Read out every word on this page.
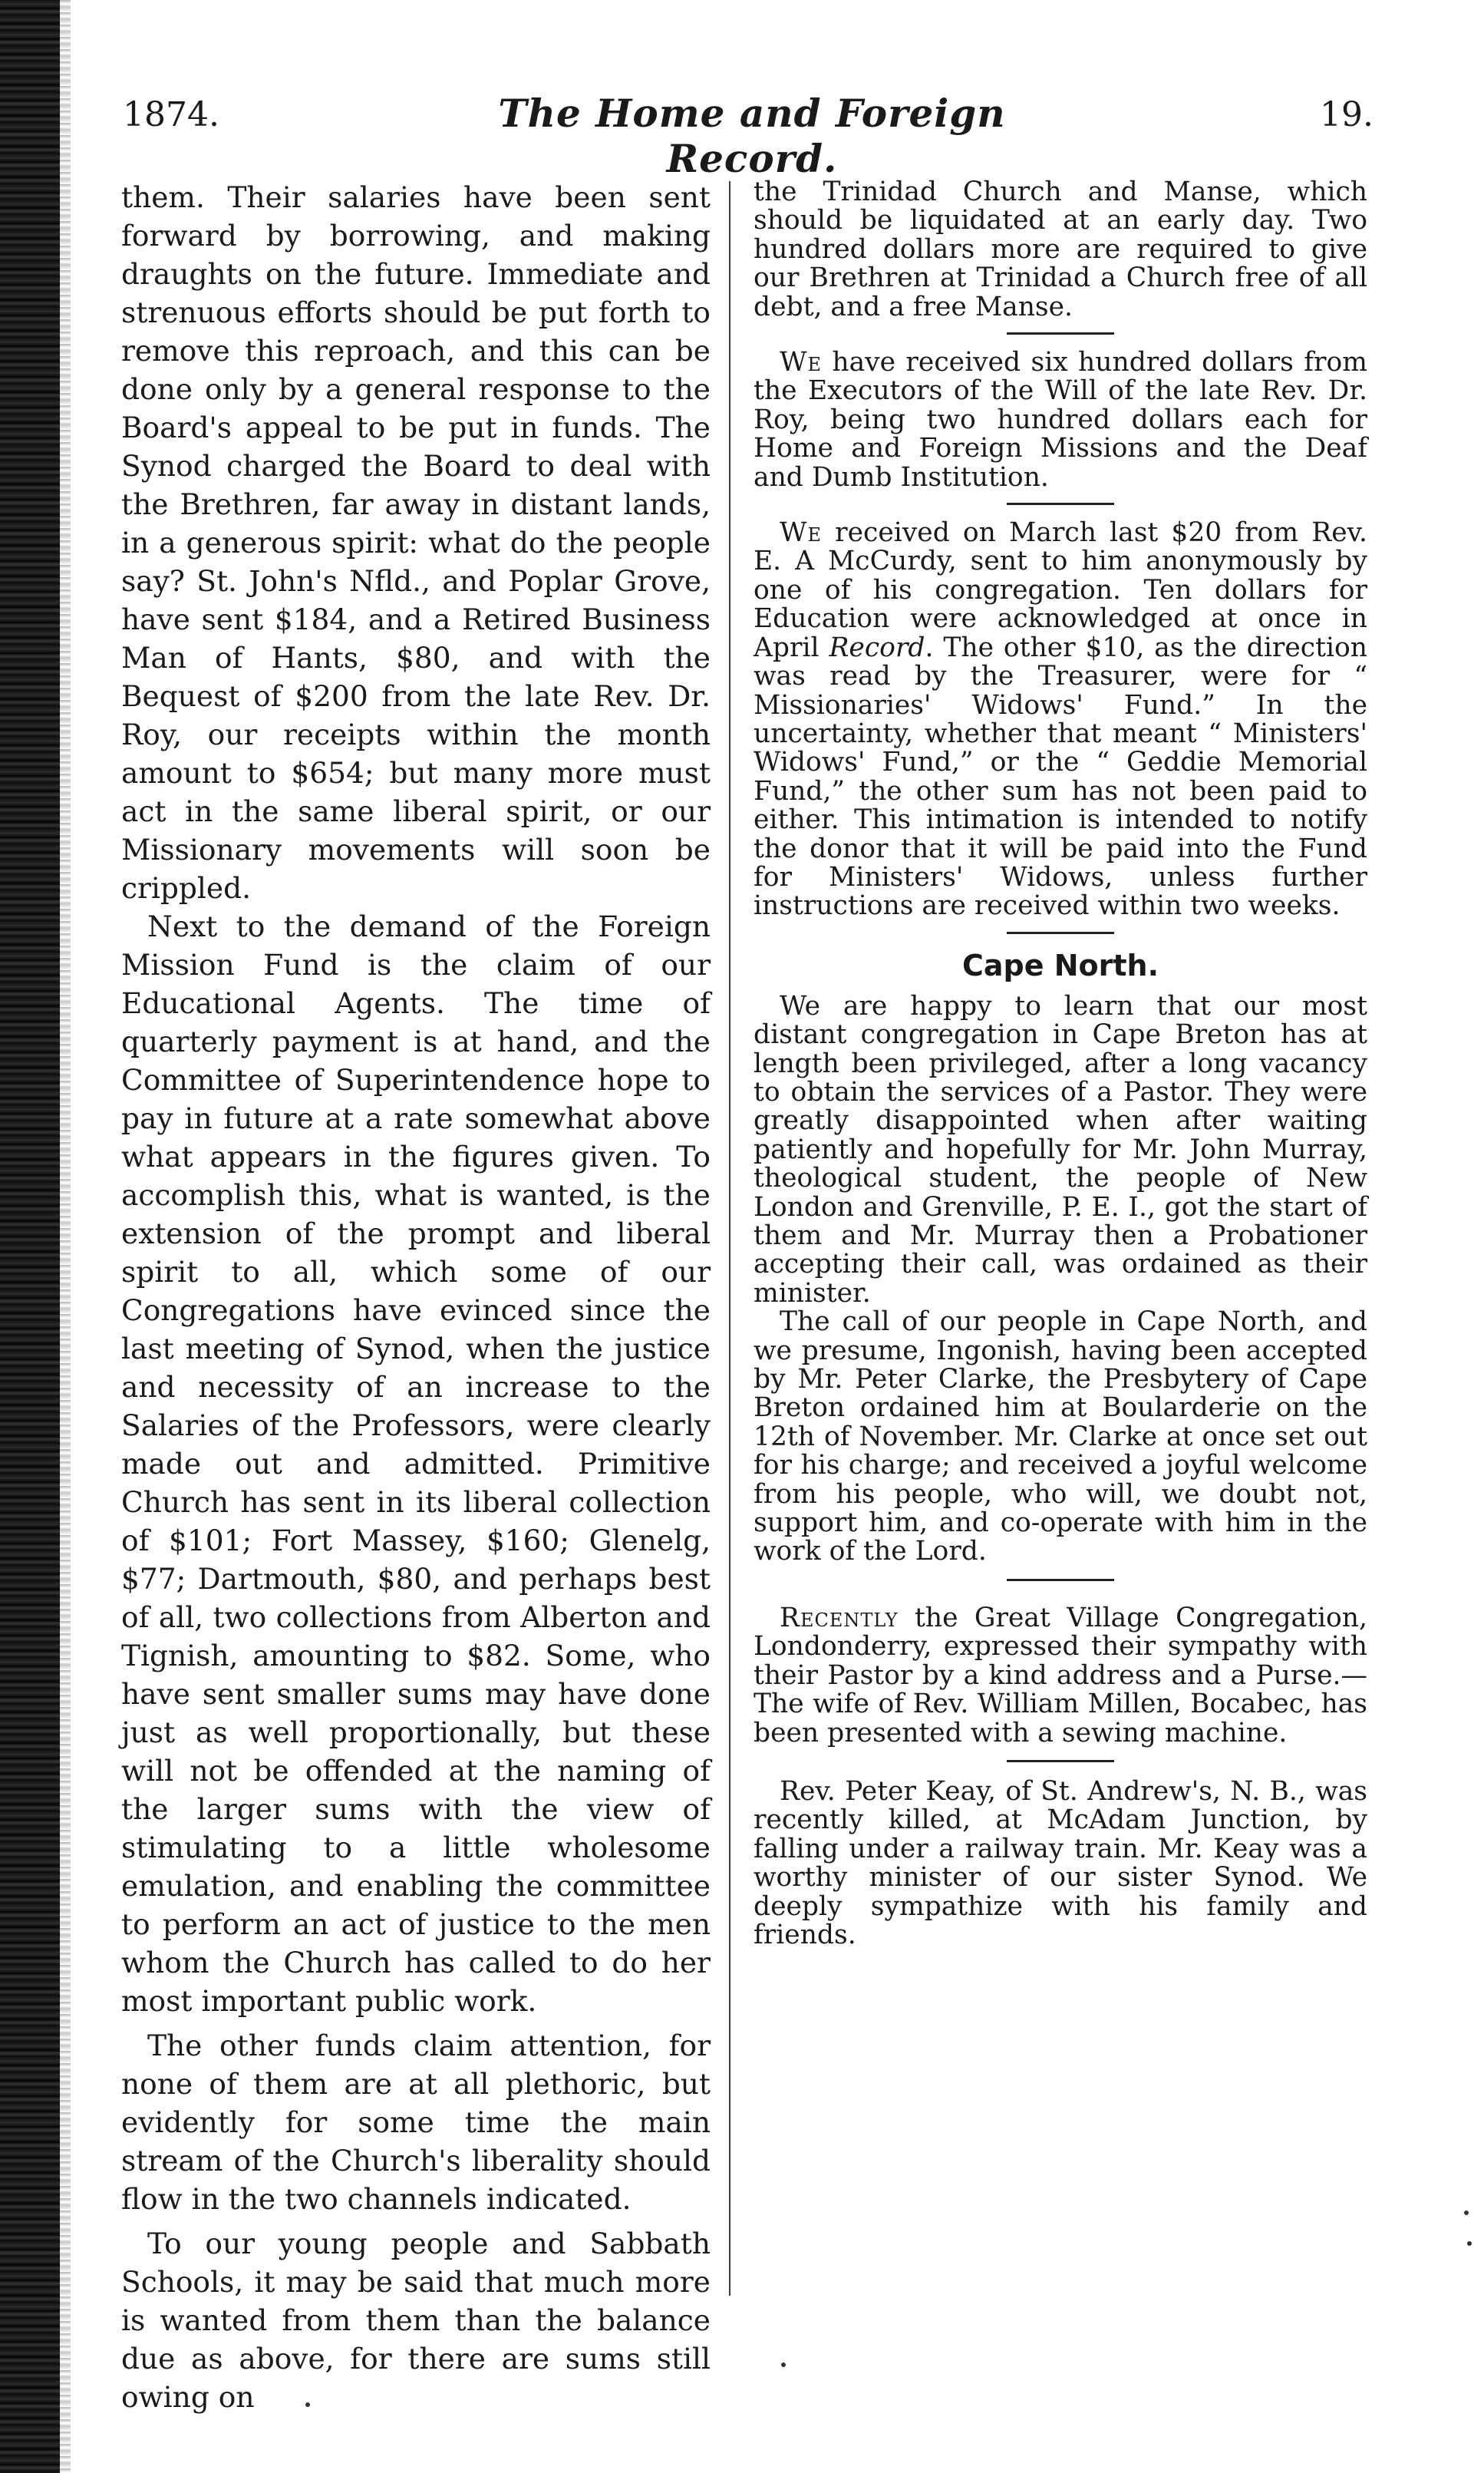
1874.	The Home and Foreign Record.
19.

them. Their salaries have been sent forward by borrowing, and making draughts on the future. Immediate and strenuous efforts should be put forth to remove this reproach, and this can be done only by a general response to the Board's appeal to be put in funds. The Synod charged the Board to deal with the Brethren, far away in distant lands, in a generous spirit: what do the people say? St. John's Nfld., and Poplar Grove, have sent $184, and a Retired Business Man of Hants, $80, and with the Bequest of $200 from the late Rev. Dr. Roy, our receipts within the month amount to $654; but many more must act in the same liberal spirit, or our Missionary movements will soon be crippled.

Next to the demand of the Foreign Mission Fund is the claim of our Educational Agents. The time of quarterly payment is at hand, and the Committee of Superintendence hope to pay in future at a rate somewhat above what appears in the figures given. To accomplish this, what is wanted, is the extension of the prompt and liberal spirit to all, which some of our Congregations have evinced since the last meeting of Synod, when the justice and necessity of an increase to the Salaries of the Professors, were clearly made out and admitted. Primitive Church has sent in its liberal collection of $101; Fort Massey, $160; Glenelg, $77; Dartmouth, $80, and perhaps best of all, two collections from Alberton and Tignish, amounting to $82. Some, who have sent smaller sums may have done just as well proportionally, but these will not be offended at the naming of the larger sums with the view of stimulating to a little wholesome emulation, and enabling the committee to perform an act of justice to the men whom the Church has called to do her most important public work.

The other funds claim attention, for none of them are at all plethoric, but evidently for some time the main stream of the Church's liberality should flow in the two channels indicated.

To our young people and Sabbath Schools, it may be said that much more is wanted from them than the balance due as above, for there are sums still owing on

the Trinidad Church and Manse, which should be liquidated at an early day. Two hundred dollars more are required to give our Brethren at Trinidad a Church free of all debt, and a free Manse.

We have received six hundred dollars from the Executors of the Will of the late Rev. Dr. Roy, being two hundred dollars each for Home and Foreign Missions and the Deaf and Dumb Institution.

We received on March last $20 from Rev. E. A McCurdy, sent to him anonymously by one of his congregation. Ten dollars for Education were acknowledged at once in April Record. The other $10, as the direction was read by the Treasurer, were for “ Missionaries' Widows' Fund.” In the uncertainty, whether that meant “ Ministers' Widows' Fund,” or the “ Geddie Memorial Fund,” the other sum has not been paid to either. This intimation is intended to notify the donor that it will be paid into the Fund for Ministers' Widows, unless further instructions are received within two weeks.

Cape North.

We are happy to learn that our most distant congregation in Cape Breton has at length been privileged, after a long vacancy to obtain the services of a Pastor. They were greatly disappointed when after waiting patiently and hopefully for Mr. John Murray, theological student, the people of New London and Grenville, P. E. I., got the start of them and Mr. Murray then a Probationer accepting their call, was ordained as their minister.

The call of our people in Cape North, and we presume, Ingonish, having been accepted by Mr. Peter Clarke, the Presbytery of Cape Breton ordained him at Boularderie on the 12th of November. Mr. Clarke at once set out for his charge; and received a joyful welcome from his people, who will, we doubt not, support him, and co-operate with him in the work of the Lord.

Recently the Great Village Congregation, Londonderry, expressed their sympathy with their Pastor by a kind address and a Purse.—The wife of Rev. William Millen, Bocabec, has been presented with a sewing machine.

Rev. Peter Keay, of St. Andrew's, N. B., was recently killed, at McAdam Junction, by falling under a railway train. Mr. Keay was a worthy minister of our sister Synod. We deeply sympathize with his family and friends.
